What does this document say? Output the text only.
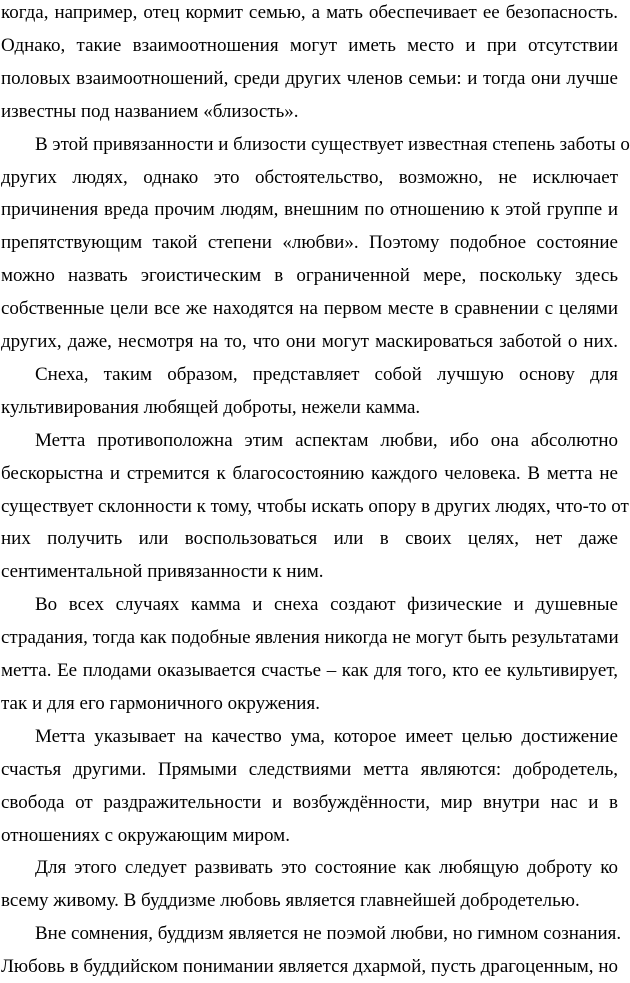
когда, например, отец кормит семью, а мать обеспечивает ее безопасность.
Однако, такие взаимоотношения могут иметь место и при отсутствии
половых взаимоотношений, среди других членов семьи: и тогда они лучше
известны под названием «близость».
В этой привязанности и близости существует известная степень заботы о
других людях, однако это обстоятельство, возможно, не исключает
причинения вреда прочим людям, внешним по отношению к этой группе и
препятствующим такой степени «любви». Поэтому подобное состояние
можно назвать эгоистическим в ограниченной мере, поскольку здесь
собственные цели все же находятся на первом месте в сравнении с целями
других, даже, несмотря на то, что они могут маскироваться заботой о них.
Снеха, таким образом, представляет собой лучшую основу для
культивирования любящей доброты, нежели камма.
Метта противоположна этим аспектам любви, ибо она абсолютно
бескорыстна и стремится к благосостоянию каждого человека. В метта не
существует склонности к тому, чтобы искать опору в других людях, что-то от
них получить или воспользоваться или в своих целях, нет даже
сентиментальной привязанности к ним.
Во всех случаях камма и снеха создают физические и душевные
страдания, тогда как подобные явления никогда не могут быть результатами
метта. Ее плодами оказывается счастье – как для того, кто ее культивирует,
так и для его гармоничного окружения.
Метта указывает на качество ума, которое имеет целью достижение
счастья другими. Прямыми следствиями метта являются: добродетель,
свобода от раздражительности и возбуждённости, мир внутри нас и в
отношениях с окружающим миром.
Для этого следует развивать это состояние как любящую доброту ко
всему живому. В буддизме любовь является главнейшей добродетелью.
Вне сомнения, буддизм является не поэмой любви, но гимном сознания.
Любовь в буддийском понимании является дхармой, пусть драгоценным, но
